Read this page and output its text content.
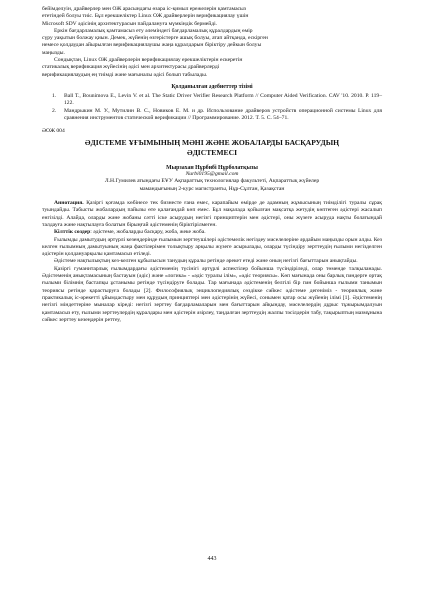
бейімделуін, драйверлер мен ОЖ арасындағы өзара іс-қимыл ережелерін қамтамасыз

ететіндей болуы тиіс. Бұл ерекшеліктер Linux ОЖ драйверлерін верификациялау үшін

Microsoft SDV әдісінің архитектурасын пайдалануға мүмкіндік бермейді.

Еркін бағдарламалық қамтамасыз ету әлеміндегі бағдарламалық құралдардың өмір

сүру уақытын болжау қиын. Демек, жүйенің өзгерістерге ашық болуы, атап айтқанда, ескірген

немесе қолдаудан айырылған верификациялаушы жаңа құралдарын біріктіру дейкын болуы

маңызды.

Сондықтан, Linux ОЖ драйверлерін верификациялау ерекшеліктерін ескеретін

статикалық верификация жүйесінің әдісі мен архитектурасы драйверлерді

верификациялаудың ең тиімді және мағыналы әдісі болып табылады.

Қолданылған әдебиеттер тізімі
1.	Ball T., Bounimova E., Levin V. et al. The Static Driver Verifier Research Platform // Computer Aided Verification. CAV '10. 2010. P. 119–122.
2.	Мандрыкин М. У., Мутилин В. С., Новиков Е. М. и др. Использование драйверов устройств операционной системы Linux для сравнения инструментов статической верификации // Программирование. 2012. Т. 5. С. 54–71.
ӘОЖ 004
ӘДІСТЕМЕ ҰҒЫМЫНЫҢ МӘНІ ЖӘНЕ ЖОБАЛАРДЫ БАСҚАРУДЫҢ
ӘДІСТЕМЕСІ
Мырзахан Нұрбибі Нұрболатқызы
Nurbi0195@gmail.com
Л.Н.Гумилев атындағы ЕҰУ Ақпараттық технологиялар факультеті, Ақпараттық жүйелер
мамандығының 2-курс магистранты, Нұр-Сұлтан, Қазақстан

Аннотация. Қазіргі қоғамда көбінесе тек бизнесте ғана емес, карапайым өмірде де адамның жұмысының тиімділігі туралы сұрақ туындайды. Табысты жобалардың пайызы өте қалағандай көп емес. Бұл мақалада қойылған мақсатқа жетудің көптеген әдістері жасалып енгізілді. Алайда, оларды және жобаны сәтті іске асырудың негізгі принциптерін мен әдістері, оны жүзеге асыруда нақты болатындай талдауға және нақтылауға болатын бірыңғай әдістеменің біріктірілмеген.

Кілттік сөздер: әдістеме, жобаларды басқару, жоба, жеке жоба.

Ғылымды дамытудың әртүрлі кезеңдерінде ғылымын зерттеушілері әдістемелік негіздеу мәселелеріне әрдайым маңызды орын алды. Кез келген ғылымның дамытуының жаңа фактілерімен толықтыру арқылы жүзеге асырылады, оларды түсіндіру зерттеудің ғылыми негізделген әдістерін қолдануарқылы қамтамасыз етіледі.

Әдістеме нақтылықтың кез-келген құбылысын танудың құралы ретінде әрекет етеді және оның негізгі бағыттарын анықтайды.

Қазіргі гуманитарлық ғылымдардағы әдістеменің түсінігі әртүрлі аспектілер бойынша түсіндіріледі, олар төменде талқыланады. Әдістеменің анықтамасының бастауын (әдіс) және «логика» - «әдіс туралы ілім», «әдіс теориясы». Көп мағынада оны барлық пәндерге ортақ ғылыми білімнің бастапқы ұстанымы ретінде түсіндіруге болады. Тар мағынада әдістеменің белгілі бір пән бойынша ғылыми танымын теориясы ретінде қарастыруға болады [2]. Философиялық энциклопедиялық сөздікке сәйкес әдістеме дегеніміз - теориялық және практикалық іс-әрекетті ұйымдастыру мен құрудың принциптері мен әдістерінің жүйесі, сонымен қатар осы жүйенің ілімі [1]. Әдістеменің негізгі міндеттеріне мыналар кіреді: негізгі зерттеу бағдарламаларын мен бағыттарын айқындау, мәселелердің дұрыс тұжырымдалуын қамтамасыз ету, ғылыми зерттеулердің құралдары мен әдістерін әзірлеу, таңдалған зерттеудің жалпы тәсілдерін табу, тақырыптың мазмұнына сәйкес зерттеу кезеңдерін реттеу,

443
